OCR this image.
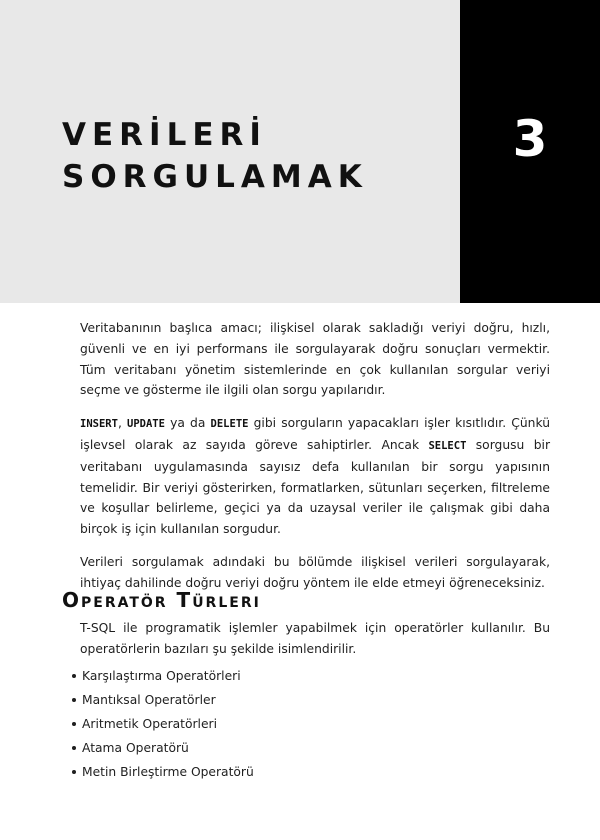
VERİLERİ
SORGULAMAK
3

Veritabanının başlıca amacı; ilişkisel olarak sakladığı veriyi doğru, hızlı, güvenli ve en iyi performans ile sorgulayarak doğru sonuçları vermektir. Tüm veritabanı yönetim sistemlerinde en çok kullanılan sorgular veriyi seçme ve gösterme ile ilgili olan sorgu yapılarıdır.

INSERT, UPDATE ya da DELETE gibi sorguların yapacakları işler kısıtlıdır. Çünkü işlevsel olarak az sayıda göreve sahiptirler. Ancak SELECT sorgusu bir veritabanı uygulamasında sayısız defa kullanılan bir sorgu yapısının temelidir. Bir veriyi gösterirken, formatlarken, sütunları seçerken, filtreleme ve koşullar belirleme, geçici ya da uzaysal veriler ile çalışmak gibi daha birçok iş için kullanılan sorgudur.

Verileri sorgulamak adındaki bu bölümde ilişkisel verileri sorgulayarak, ihtiyaç dahilinde doğru veriyi doğru yöntem ile elde etmeyi öğreneceksiniz.

Operatör Türleri

T-SQL ile programatik işlemler yapabilmek için operatörler kullanılır. Bu operatörlerin bazıları şu şekilde isimlendirilir.

Karşılaştırma Operatörleri
Mantıksal Operatörler
Aritmetik Operatörleri
Atama Operatörü
Metin Birleştirme Operatörü
